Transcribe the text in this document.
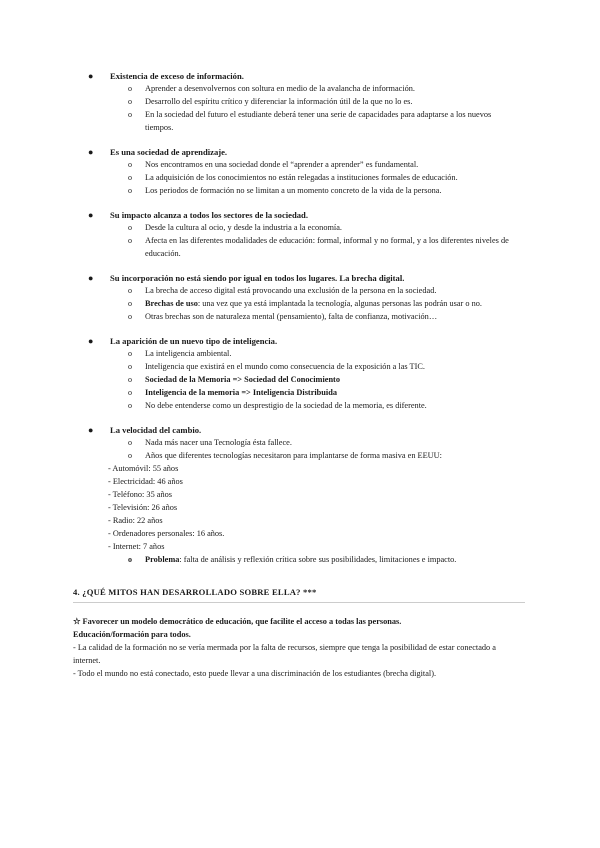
● Existencia de exceso de información.
o Aprender a desenvolvernos con soltura en medio de la avalancha de información.
o Desarrollo del espíritu crítico y diferenciar la información útil de la que no lo es.
o En la sociedad del futuro el estudiante deberá tener una serie de capacidades para adaptarse a los nuevos tiempos.
● Es una sociedad de aprendizaje.
o Nos encontramos en una sociedad donde el “aprender a aprender” es fundamental.
o La adquisición de los conocimientos no están relegadas a instituciones formales de educación.
o Los periodos de formación no se limitan a un momento concreto de la vida de la persona.
● Su impacto alcanza a todos los sectores de la sociedad.
o Desde la cultura al ocio, y desde la industria a la economía.
o Afecta en las diferentes modalidades de educación: formal, informal y no formal, y a los diferentes niveles de educación.
● Su incorporación no está siendo por igual en todos los lugares. La brecha digital.
o La brecha de acceso digital está provocando una exclusión de la persona en la sociedad.
o Brechas de uso: una vez que ya está implantada la tecnología, algunas personas las podrán usar o no.
o Otras brechas son de naturaleza mental (pensamiento), falta de confianza, motivación…
● La aparición de un nuevo tipo de inteligencia.
o La inteligencia ambiental.
o Inteligencia que existirá en el mundo como consecuencia de la exposición a las TIC.
o Sociedad de la Memoria => Sociedad del Conocimiento
o Inteligencia de la memoria => Inteligencia Distribuida
o No debe entenderse como un desprestigio de la sociedad de la memoria, es diferente.
● La velocidad del cambio.
o Nada más nacer una Tecnología ésta fallece.
o Años que diferentes tecnologías necesitaron para implantarse de forma masiva en EEUU:
- Automóvil: 55 años
- Electricidad: 46 años
- Teléfono: 35 años
- Televisión: 26 años
- Radio: 22 años
- Ordenadores personales: 16 años.
- Internet: 7 años
o Problema: falta de análisis y reflexión crítica sobre sus posibilidades, limitaciones e impacto.
4. ¿QUÉ MITOS HAN DESARROLLADO SOBRE ELLA? ***
☆ Favorecer un modelo democrático de educación, que facilite el acceso a todas las personas.
Educación/formación para todos.
- La calidad de la formación no se vería mermada por la falta de recursos, siempre que tenga la posibilidad de estar conectado a internet.
- Todo el mundo no está conectado, esto puede llevar a una discriminación de los estudiantes (brecha digital).
